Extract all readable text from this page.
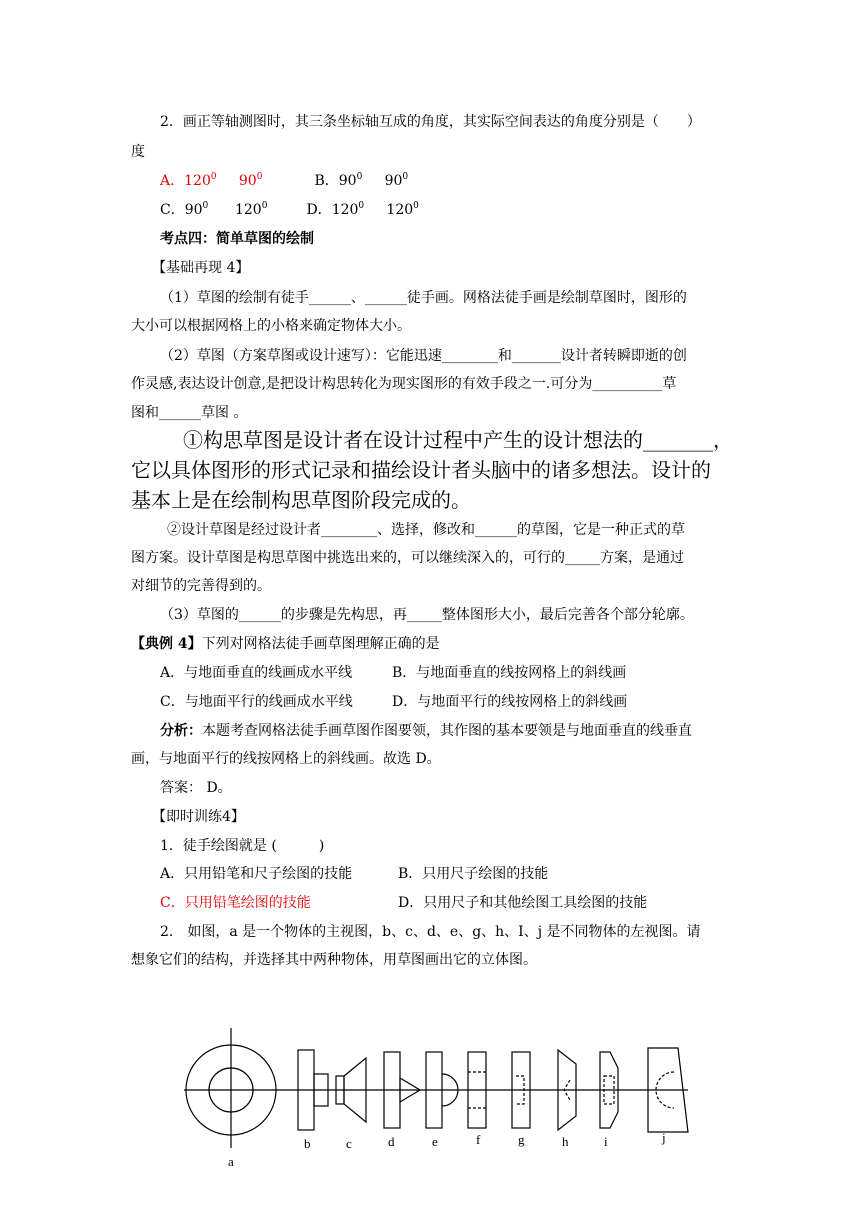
2．画正等轴测图时，其三条坐标轴互成的角度，其实际空间表达的角度分别是（　　）
度
A．$120^0$ $90^0$	B．$90^0$ $90^0$
C．$90^0$ $120^0$	D．$120^0$ $120^0$
考点四：简单草图的绘制
【基础再现 4】
（1）草图的绘制有徒手______、______徒手画。网格法徒手画是绘制草图时，图形的
大小可以根据网格上的小格来确定物体大小。
（2）草图（方案草图或设计速写）：它能迅速________和_______设计者转瞬即逝的创
作灵感,表达设计创意,是把设计构思转化为现实图形的有效手段之一.可分为__________草
图和______草图 。
①构思草图是设计者在设计过程中产生的设计想法的_______，
它以具体图形的形式记录和描绘设计者头脑中的诸多想法。设计的
基本上是在绘制构思草图阶段完成的。
②设计草图是经过设计者________、选择，修改和______的草图，它是一种正式的草
图方案。设计草图是构思草图中挑选出来的，可以继续深入的，可行的_____方案，是通过
对细节的完善得到的。
（3）草图的______的步骤是先构思，再_____整体图形大小，最后完善各个部分轮廓。
【典例 4】下列对网格法徒手画草图理解正确的是
A．与地面垂直的线画成水平线	B．与地面垂直的线按网格上的斜线画
C．与地面平行的线画成水平线	D．与地面平行的线按网格上的斜线画
分析：本题考查网格法徒手画草图作图要领，其作图的基本要领是与地面垂直的线垂直
画，与地面平行的线按网格上的斜线画。故选 D。
答案： D。
【即时训练4】
1．徒手绘图就是 (　　　)
A．只用铅笔和尺子绘图的技能	B．只用尺子绘图的技能
C．只用铅笔绘图的技能	D．只用尺子和其他绘图工具绘图的技能
2.　如图，a 是一个物体的主视图，b、c、d、e、g、h、I、j 是不同物体的左视图。请
想象它们的结构，并选择其中两种物体，用草图画出它的立体图。
a
b	c	d	e	f	g	h	i	j
